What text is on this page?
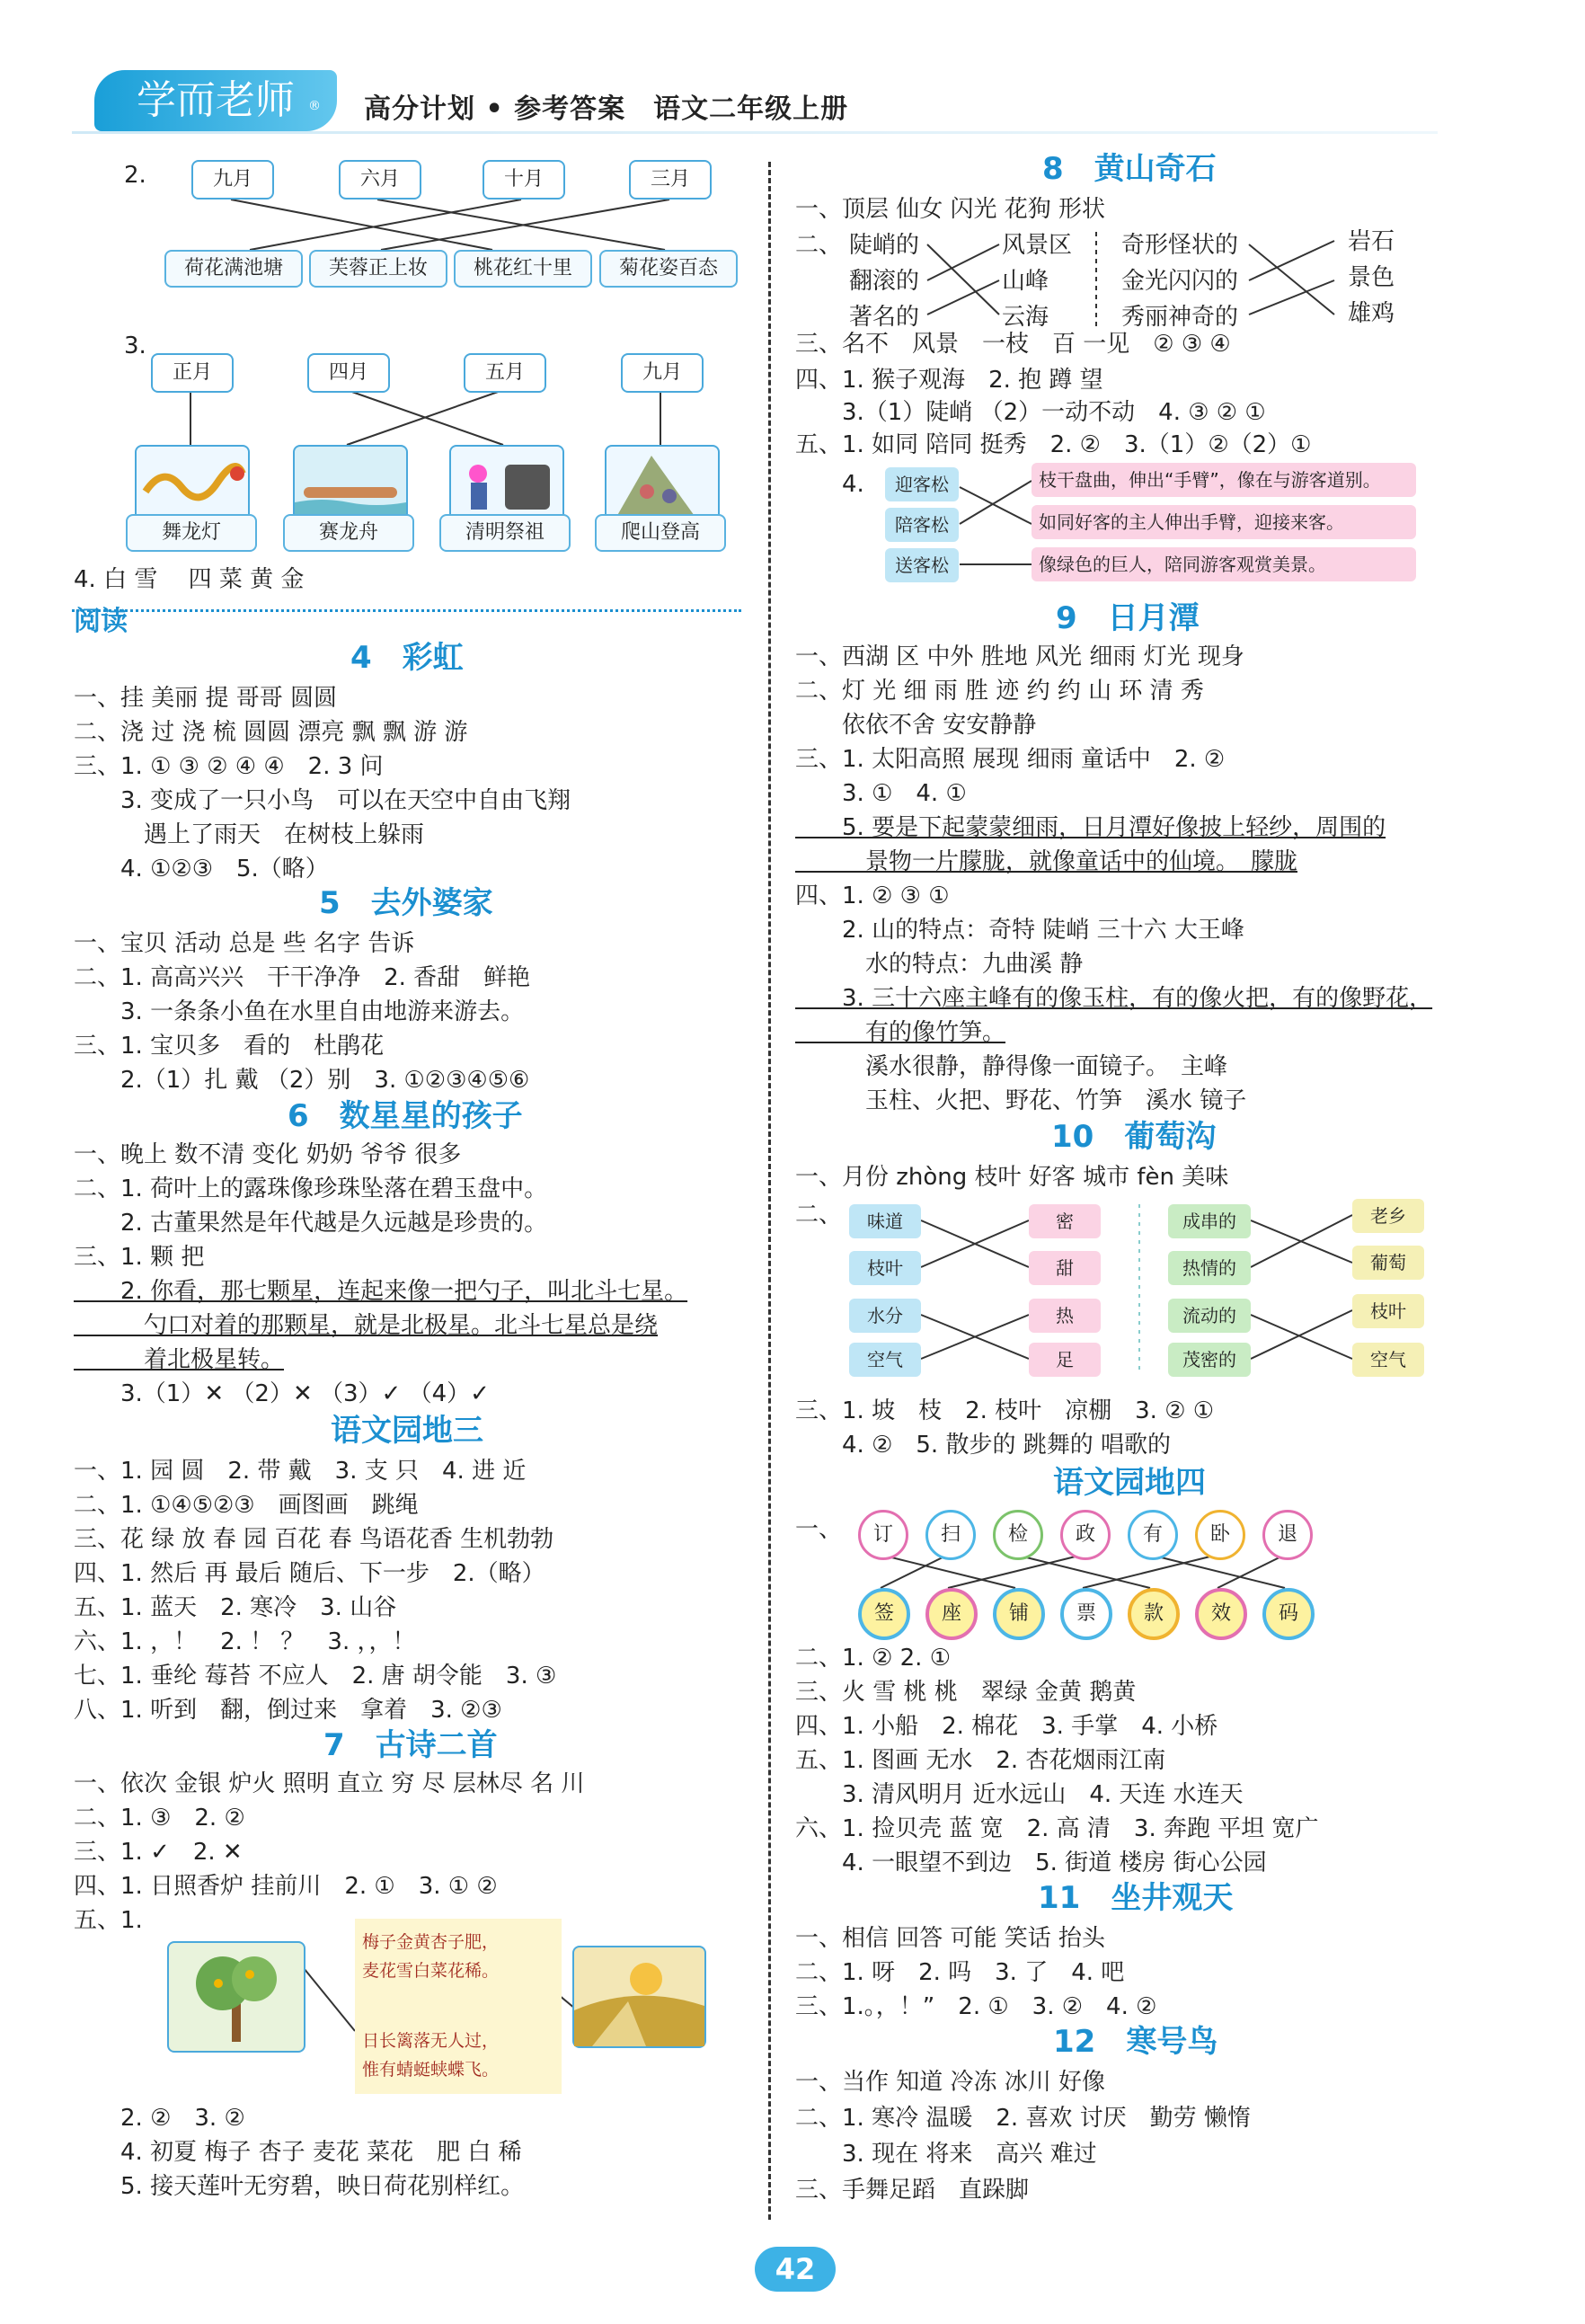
学而老师 ® 高分计划 • 参考答案　语文二年级上册
2.	九月	六月	十月	三月
荷花满池塘	芙蓉正上妆	桃花红十里	菊花姿百态
3.
正月	四月	五月	九月
舞龙灯	赛龙舟	清明祭祖	爬山登高
4. 白 雪　 四 菜 黄 金
阅读
4　彩虹
一、挂 美丽 提 哥哥 圆圆
二、浇 过 浇 梳 圆圆 漂亮 飘 飘 游 游
三、1. ① ③ ② ④ ④　2. 3 问
　　3. 变成了一只小鸟　可以在天空中自由飞翔
　　　遇上了雨天　在树枝上躲雨
　　4. ①②③　5.（略）
5　去外婆家
一、宝贝 活动 总是 些 名字 告诉
二、1. 高高兴兴　干干净净　2. 香甜　鲜艳
　　3. 一条条小鱼在水里自由地游来游去。
三、1. 宝贝多　看的　杜鹃花
　　2.（1）扎 戴 （2）别　3. ①②③④⑤⑥
6　数星星的孩子
一、晚上 数不清 变化 奶奶 爷爷 很多
二、1. 荷叶上的露珠像珍珠坠落在碧玉盘中。
　　2. 古董果然是年代越是久远越是珍贵的。
三、1. 颗 把
　　2. 你看，那七颗星，连起来像一把勺子，叫北斗七星。
　　　勺口对着的那颗星，就是北极星。北斗七星总是绕
　　　着北极星转。
　　3.（1）✕ （2）✕ （3）✓ （4）✓
语文园地三
一、1. 园 圆　2. 带 戴　3. 支 只　4. 进 近
二、1. ①④⑤②③　画图画　跳绳
三、花 绿 放 春 园 百花 春 鸟语花香 生机勃勃
四、1. 然后 再 最后 随后、下一步　2.（略）
五、1. 蓝天　2. 寒冷　3. 山谷
六、1. ，！　2. ！ ？　3. ，，！
七、1. 垂纶 莓苔 不应人　2. 唐 胡令能　3. ③
八、1. 听到　翻，倒过来　拿着　3. ②③
7　古诗二首
一、依次 金银 炉火 照明 直立 穷 尽 层林尽 名 川
二、1. ③　2. ②
三、1. ✓　2. ✕
四、1. 日照香炉 挂前川　2. ①　3. ① ②
五、1.
梅子金黄杏子肥，
麦花雪白菜花稀。
日长篱落无人过，
惟有蜻蜓蛱蝶飞。
　　2. ②　3. ②
　　4. 初夏 梅子 杏子 麦花 菜花　肥 白 稀
　　5. 接天莲叶无穷碧，映日荷花别样红。
8　黄山奇石
一、顶层 仙女 闪光 花狗 形状
二、 陡峭的
翻滚的
著名的
风景区
山峰
云海
奇形怪状的
金光闪闪的
秀丽神奇的
岩石
景色
雄鸡
三、名不　风景　一枝　百 一见　② ③ ④
四、1. 猴子观海　2. 抱 蹲 望
　　3.（1）陡峭 （2）一动不动　4. ③ ② ①
五、1. 如同 陪同 挺秀　2. ②　3.（1）②（2）①
　　4.	迎客松
陪客松
送客松
枝干盘曲，伸出“手臂”，像在与游客道别。
如同好客的主人伸出手臂，迎接来客。
像绿色的巨人，陪同游客观赏美景。
9　日月潭
一、西湖 区 中外 胜地 风光 细雨 灯光 现身
二、灯 光 细 雨 胜 迹 约 约 山 环 清 秀
　　依依不舍 安安静静
三、1. 太阳高照 展现 细雨 童话中　2. ②
　　3. ①　4. ①
　　5. 要是下起蒙蒙细雨，日月潭好像披上轻纱，周围的
　　　景物一片朦胧，就像童话中的仙境。　朦胧
四、1. ② ③ ①
　　2. 山的特点：奇特 陡峭 三十六 大王峰
　　　水的特点：九曲溪 静
　　3. 三十六座主峰有的像玉柱，有的像火把，有的像野花，
　　　有的像竹笋。
　　　溪水很静，静得像一面镜子。　主峰
　　　玉柱、火把、野花、竹笋　溪水 镜子
10　葡萄沟
一、月份 zhòng 枝叶 好客 城市 fèn 美味
二、	味道
枝叶
水分
空气
密
甜
热
足
成串的
热情的
流动的
茂密的
老乡
葡萄
枝叶
空气
三、1. 坡　枝　2. 枝叶　凉棚　3. ② ①
　　4. ②　5. 散步的 跳舞的 唱歌的
语文园地四
一、	订	扫	检	政	有	卧	退
签	座	铺	票	款	效	码
二、1. ② 2. ①
三、火 雪 桃 桃　翠绿 金黄 鹅黄
四、1. 小船　2. 棉花　3. 手掌　4. 小桥
五、1. 图画 无水　2. 杏花烟雨江南
　　3. 清风明月 近水远山　4. 天连 水连天
六、1. 捡贝壳 蓝 宽　2. 高 清　3. 奔跑 平坦 宽广
　　4. 一眼望不到边　5. 街道 楼房 街心公园
11　坐井观天
一、相信 回答 可能 笑话 抬头
二、1. 呀　2. 吗　3. 了　4. 吧
三、1.。，！”　2. ①　3. ②　4. ②
12　寒号鸟
一、当作 知道 冷冻 冰川 好像
二、1. 寒冷 温暖　2. 喜欢 讨厌　勤劳 懒惰
　　3. 现在 将来　高兴 难过
三、手舞足蹈　直跺脚
42
